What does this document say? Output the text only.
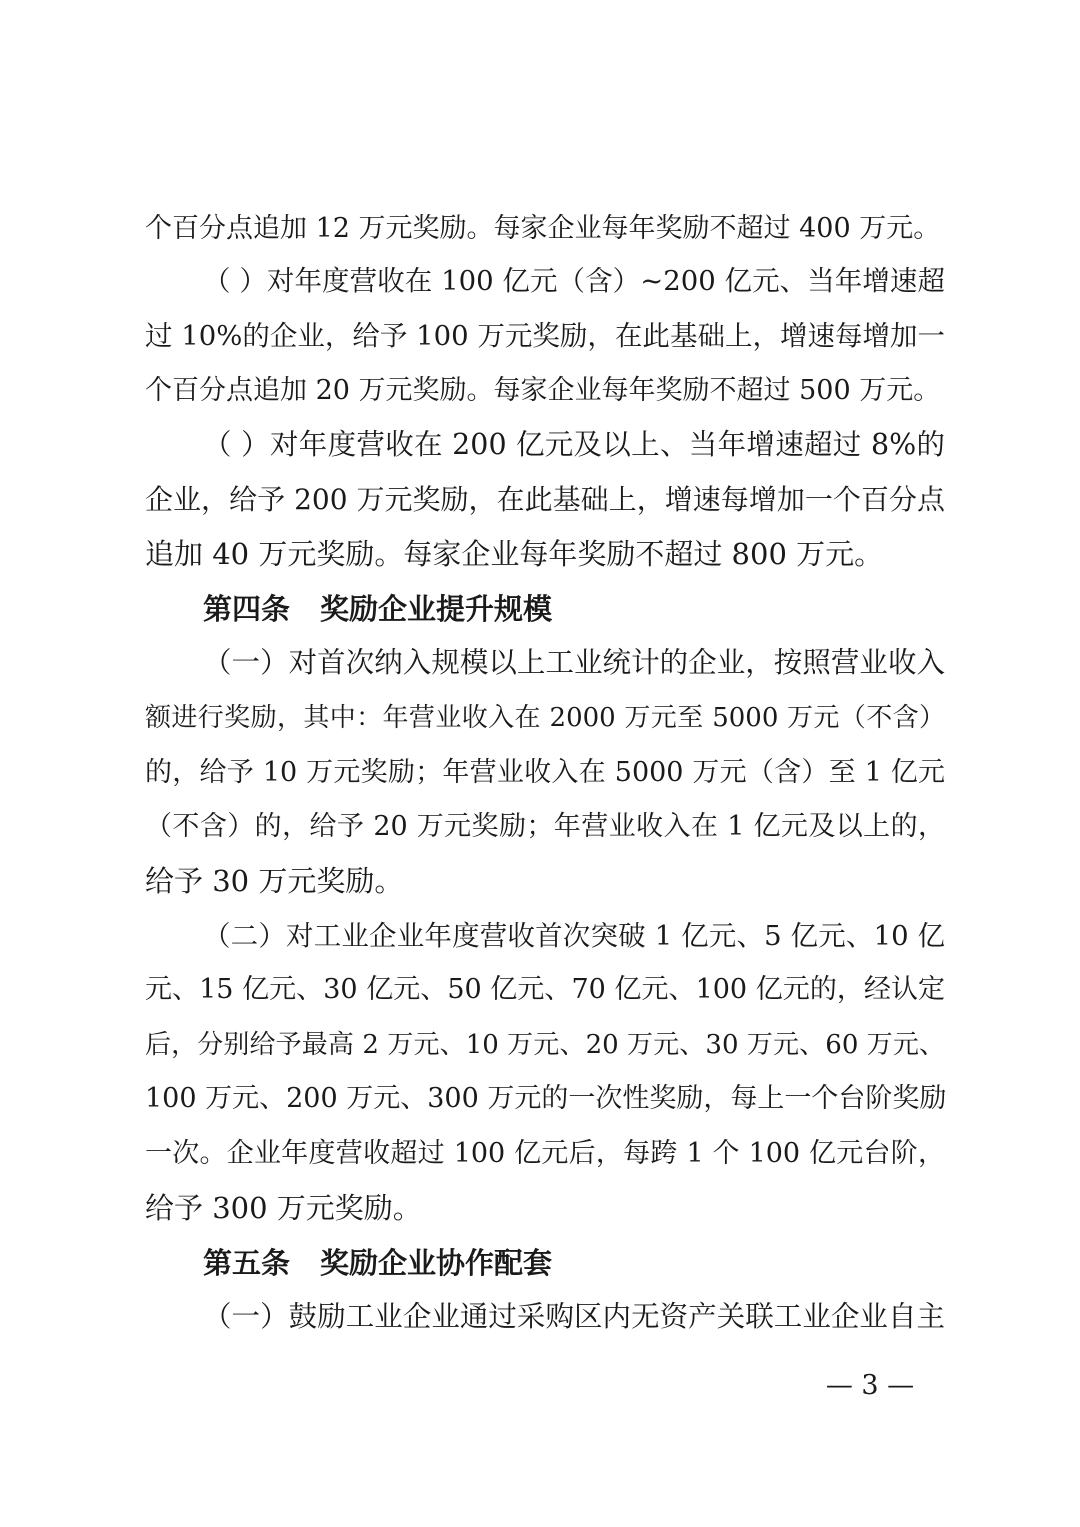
个百分点追加 12 万元奖励。每家企业每年奖励不超过 400 万元。
（ ）对年度营收在 100 亿元（含）~200 亿元、当年增速超
过 10%的企业，给予 100 万元奖励，在此基础上，增速每增加一
个百分点追加 20 万元奖励。每家企业每年奖励不超过 500 万元。
（ ）对年度营收在 200 亿元及以上、当年增速超过 8%的
企业，给予 200 万元奖励，在此基础上，增速每增加一个百分点
追加 40 万元奖励。每家企业每年奖励不超过 800 万元。
第四条 奖励企业提升规模
（一）对首次纳入规模以上工业统计的企业，按照营业收入
额进行奖励，其中：年营业收入在 2000 万元至 5000 万元（不含）
的，给予 10 万元奖励；年营业收入在 5000 万元（含）至 1 亿元
（不含）的，给予 20 万元奖励；年营业收入在 1 亿元及以上的，
给予 30 万元奖励。
（二）对工业企业年度营收首次突破 1 亿元、5 亿元、10 亿
元、15 亿元、30 亿元、50 亿元、70 亿元、100 亿元的，经认定
后，分别给予最高 2 万元、10 万元、20 万元、30 万元、60 万元、
100 万元、200 万元、300 万元的一次性奖励，每上一个台阶奖励
一次。企业年度营收超过 100 亿元后，每跨 1 个 100 亿元台阶，
给予 300 万元奖励。
第五条 奖励企业协作配套
（一）鼓励工业企业通过采购区内无资产关联工业企业自主
— 3 —
